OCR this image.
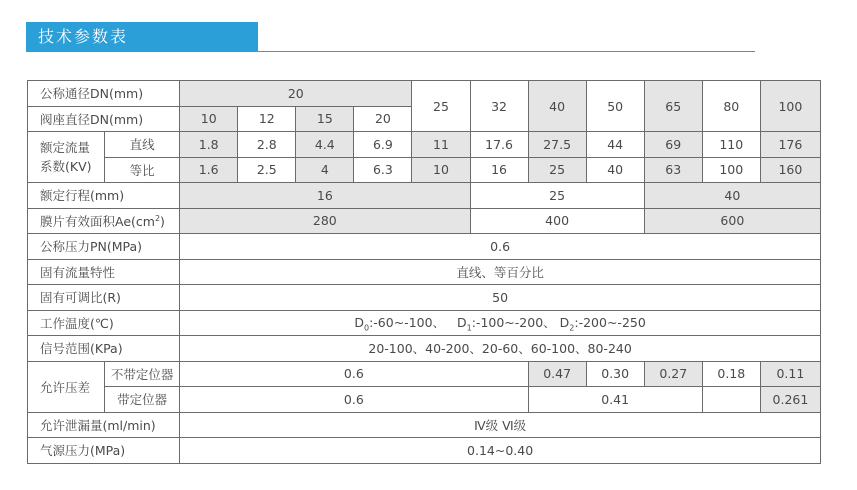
技术参数表
公称通径DN(mm)		20				25	32	40	50	65	80	100
阀座直径DN(mm)		10	12	15	20							
额定流量
系数(KV)	直线	1.8	2.8	4.4	6.9	11	17.6	27.5	44	69	110	176
	等比	1.6	2.5	4	6.3	10	16	25	40	63	100	160
额定行程(mm)		16					25			40		
膜片有效面积$Ae(cm^2)$		280					400			600		
公称压力PN(MPa)		0.6										
固有流量特性		直线、等百分比										
固有可调比(R)		50										
工作温度(℃)		$D_0:-60\sim-100$、   $D_1:-100\sim-200$、 $D_2:-200\sim-250$										
信号范围(KPa)		20-100、40-200、20-60、60-100、80-240										
允许压差	不带定位器	0.6						0.47	0.30	0.27	0.18	0.11
	带定位器	0.6						0.41				0.261
允许泄漏量(ml/min)		Ⅳ级 Ⅵ级										
气源压力(MPa)		0.14~0.40										
